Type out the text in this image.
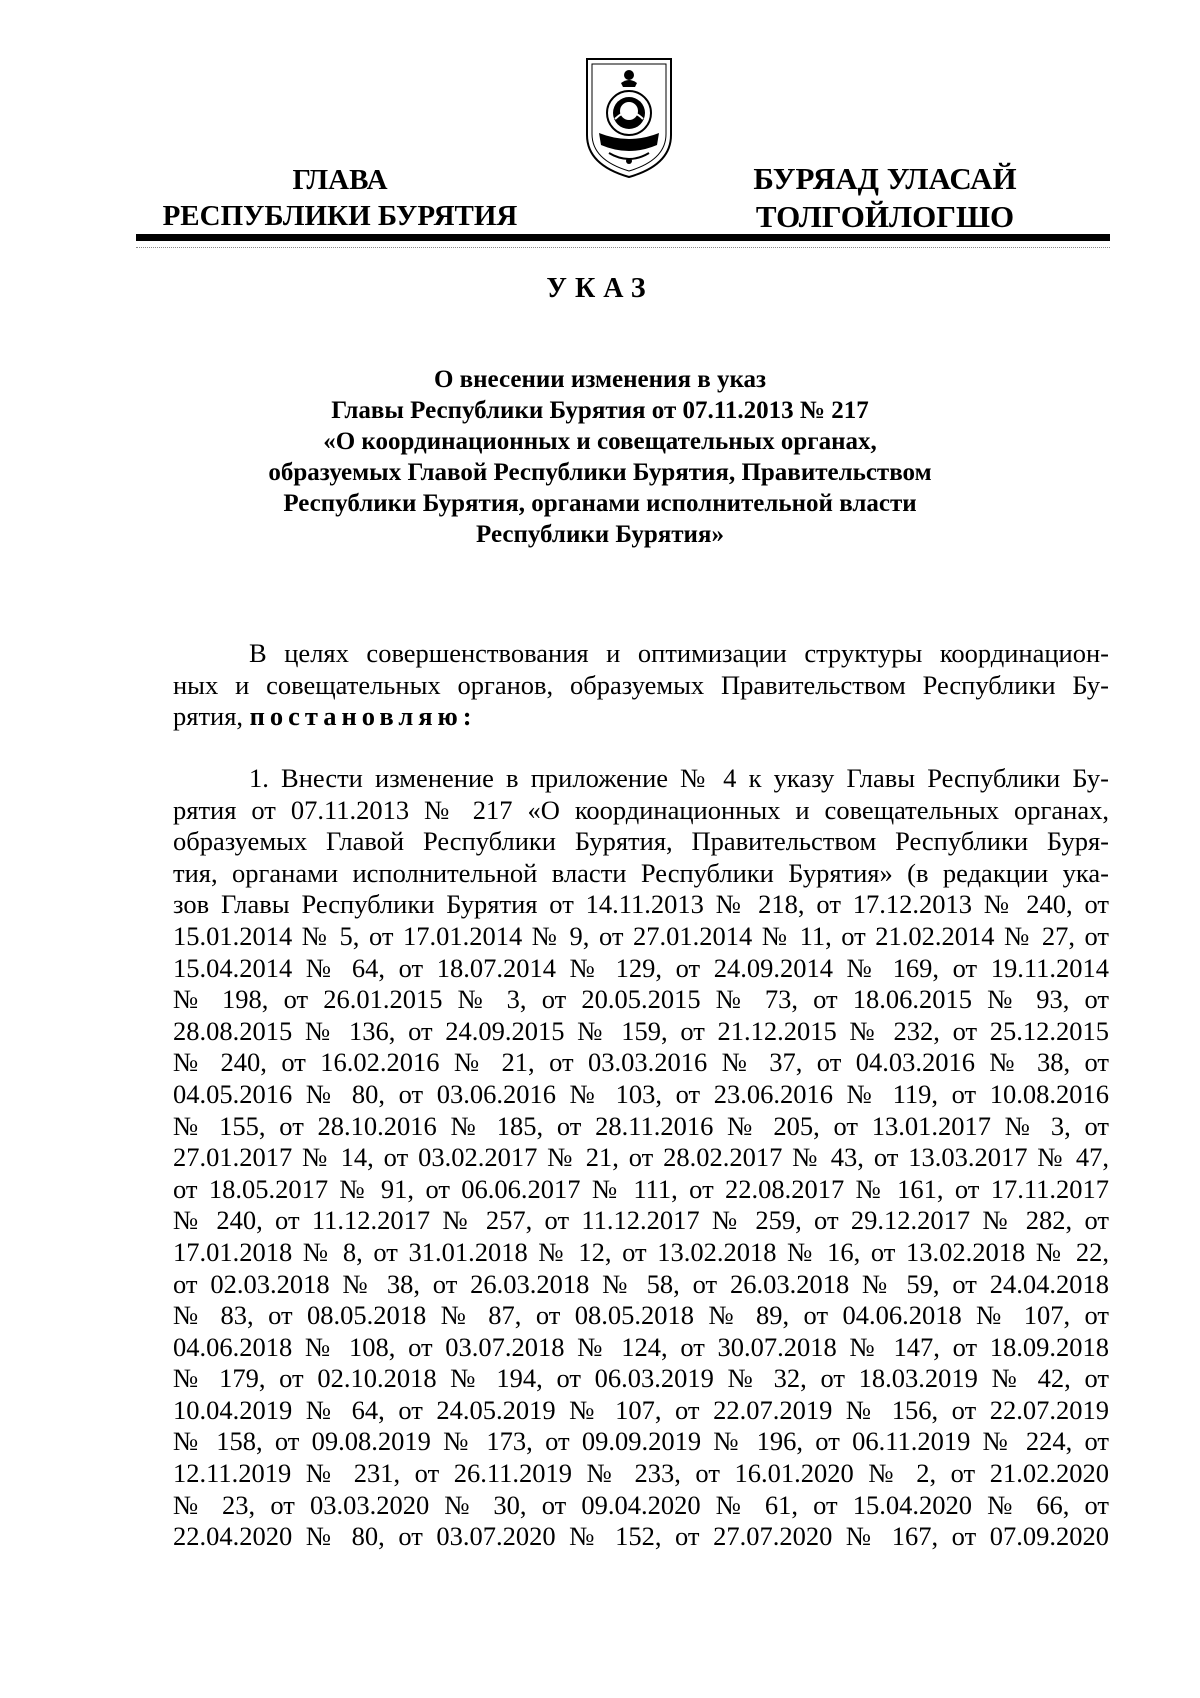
ГЛАВА
РЕСПУБЛИКИ БУРЯТИЯ
БУРЯАД УЛАСАЙ
ТОЛГОЙЛОГШО
УКАЗ
О внесении изменения в указ
Главы Республики Бурятия от 07.11.2013 № 217
«О координационных и совещательных органах,
образуемых Главой Республики Бурятия, Правительством
Республики Бурятия, органами исполнительной власти
Республики Бурятия»
В целях совершенствования и оптимизации структуры координацион-
ных и совещательных органов, образуемых Правительством Республики Бу-
рятия, постановляю:
1. Внести изменение в приложение № 4 к указу Главы Республики Бу-
рятия от 07.11.2013 № 217 «О координационных и совещательных органах,
образуемых Главой Республики Бурятия, Правительством Республики Буря-
тия, органами исполнительной власти Республики Бурятия» (в редакции ука-
зов Главы Республики Бурятия от 14.11.2013 № 218, от 17.12.2013 № 240, от
15.01.2014 № 5, от 17.01.2014 № 9, от 27.01.2014 № 11, от 21.02.2014 № 27, от
15.04.2014 № 64, от 18.07.2014 № 129, от 24.09.2014 № 169, от 19.11.2014
№ 198, от 26.01.2015 № 3, от 20.05.2015 № 73, от 18.06.2015 № 93, от
28.08.2015 № 136, от 24.09.2015 № 159, от 21.12.2015 № 232, от 25.12.2015
№ 240, от 16.02.2016 № 21, от 03.03.2016 № 37, от 04.03.2016 № 38, от
04.05.2016 № 80, от 03.06.2016 № 103, от 23.06.2016 № 119, от 10.08.2016
№ 155, от 28.10.2016 № 185, от 28.11.2016 № 205, от 13.01.2017 № 3, от
27.01.2017 № 14, от 03.02.2017 № 21, от 28.02.2017 № 43, от 13.03.2017 № 47,
от 18.05.2017 № 91, от 06.06.2017 № 111, от 22.08.2017 № 161, от 17.11.2017
№ 240, от 11.12.2017 № 257, от 11.12.2017 № 259, от 29.12.2017 № 282, от
17.01.2018 № 8, от 31.01.2018 № 12, от 13.02.2018 № 16, от 13.02.2018 № 22,
от 02.03.2018 № 38, от 26.03.2018 № 58, от 26.03.2018 № 59, от 24.04.2018
№ 83, от 08.05.2018 № 87, от 08.05.2018 № 89, от 04.06.2018 № 107, от
04.06.2018 № 108, от 03.07.2018 № 124, от 30.07.2018 № 147, от 18.09.2018
№ 179, от 02.10.2018 № 194, от 06.03.2019 № 32, от 18.03.2019 № 42, от
10.04.2019 № 64, от 24.05.2019 № 107, от 22.07.2019 № 156, от 22.07.2019
№ 158, от 09.08.2019 № 173, от 09.09.2019 № 196, от 06.11.2019 № 224, от
12.11.2019 № 231, от 26.11.2019 № 233, от 16.01.2020 № 2, от 21.02.2020
№ 23, от 03.03.2020 № 30, от 09.04.2020 № 61, от 15.04.2020 № 66, от
22.04.2020 № 80, от 03.07.2020 № 152, от 27.07.2020 № 167, от 07.09.2020
